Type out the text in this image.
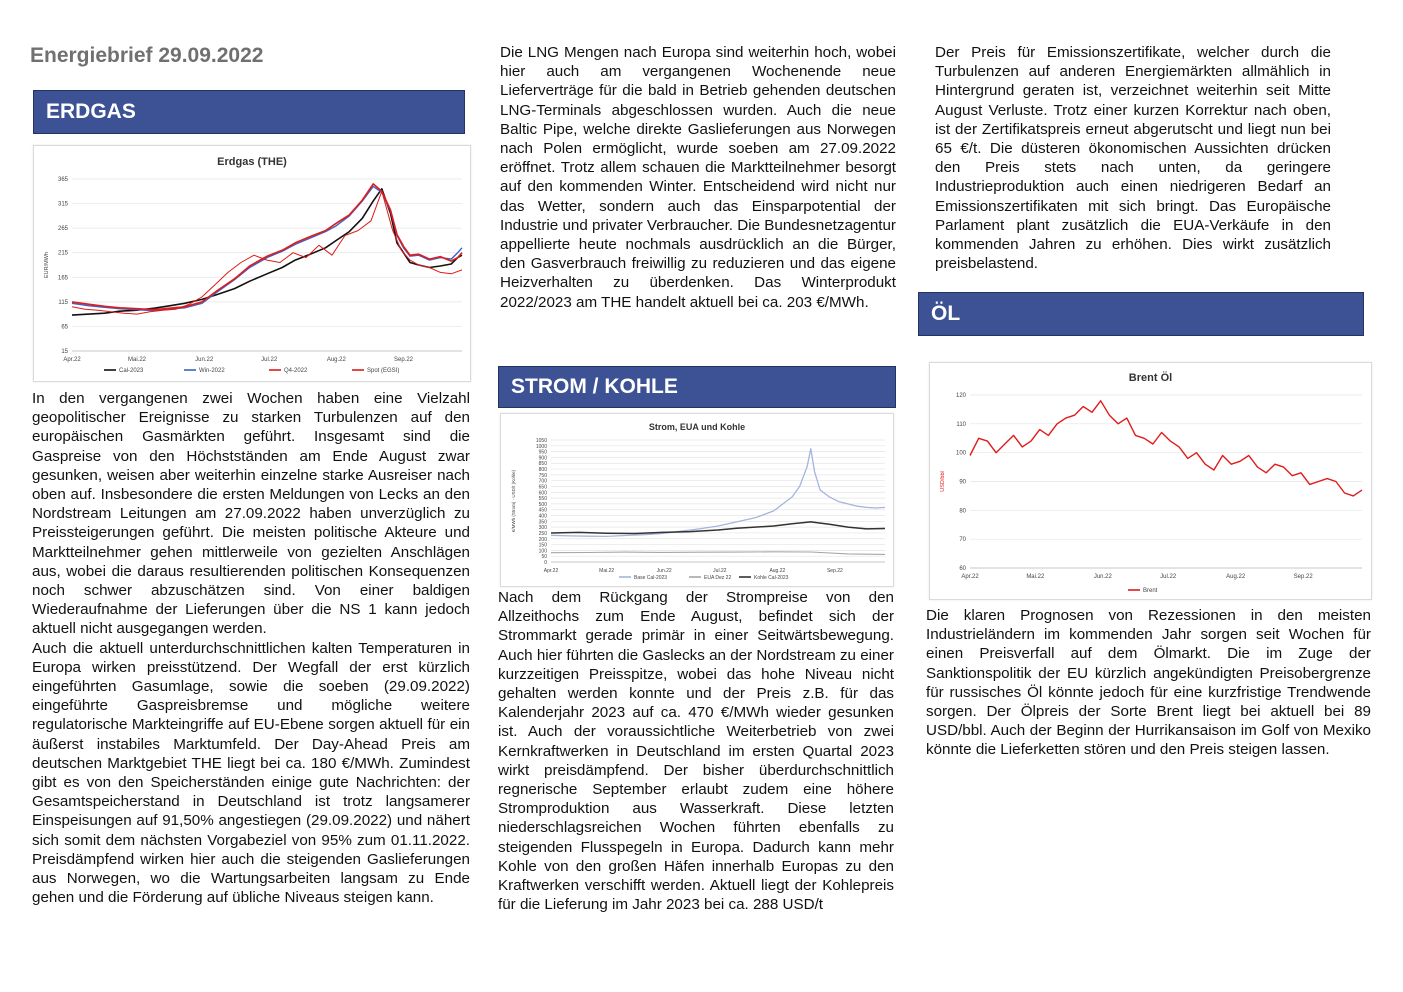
Energiebrief 29.09.2022
ERDGAS
Erdgas (THE)
15
65
115
165
215
265
315
365
Apr.22	Mai.22	Jun.22	Jul.22	Aug.22	Sep.22
EUR/MWh
Cal-2023	Win-2022	Q4-2022	Spot (EGSI)

In den vergangenen zwei Wochen haben eine Vielzahl geopolitischer Ereignisse zu starken Turbulenzen auf den europäischen Gasmärkten geführt. Insgesamt sind die Gaspreise von den Höchstständen am Ende August zwar gesunken, weisen aber weiterhin einzelne starke Ausreiser nach oben auf. Insbesondere die ersten Meldungen von Lecks an den Nordstream Leitungen am 27.09.2022 haben unverzüglich zu Preissteigerungen geführt. Die meisten politische Akteure und Marktteilnehmer gehen mittlerweile von gezielten Anschlägen aus, wobei die daraus resultierenden politischen Konsequenzen noch schwer abzuschätzen sind. Von einer baldigen Wiederaufnahme der Lieferungen über die NS 1 kann jedoch aktuell nicht ausgegangen werden.

Auch die aktuell unterdurchschnittlichen kalten Temperaturen in Europa wirken preisstützend. Der Wegfall der erst kürzlich eingeführten Gasumlage, sowie die soeben (29.09.2022) eingeführte Gaspreisbremse und mögliche weitere regulatorische Markteingriffe auf EU-Ebene sorgen aktuell für ein äußerst instabiles Marktumfeld. Der Day-Ahead Preis am deutschen Marktgebiet THE liegt bei ca. 180 €/MWh. Zumindest gibt es von den Speicherständen einige gute Nachrichten: der Gesamtspeicherstand in Deutschland ist trotz langsamerer Einspeisungen auf 91,50% angestiegen (29.09.2022) und nähert sich somit dem nächsten Vorgabeziel von 95% zum 01.11.2022. Preisdämpfend wirken hier auch die steigenden Gaslieferungen aus Norwegen, wo die Wartungsarbeiten langsam zu Ende gehen und die Förderung auf übliche Niveaus steigen kann.

Die LNG Mengen nach Europa sind weiterhin hoch, wobei hier auch am vergangenen Wochenende neue Lieferverträge für die bald in Betrieb gehenden deutschen LNG-Terminals abgeschlossen wurden. Auch die neue Baltic Pipe, welche direkte Gaslieferungen aus Norwegen nach Polen ermöglicht, wurde soeben am 27.09.2022 eröffnet. Trotz allem schauen die Marktteilnehmer besorgt auf den kommenden Winter. Entscheidend wird nicht nur das Wetter, sondern auch das Einsparpotential der Industrie und privater Verbraucher. Die Bundesnetzagentur appellierte heute nochmals ausdrücklich an die Bürger, den Gasverbrauch freiwillig zu reduzieren und das eigene Heizverhalten zu überdenken. Das Winterprodukt 2022/2023 am THE handelt aktuell bei ca. 203 €/MWh.

STROM / KOHLE
Strom, EUA und Kohle
0
50
100
150
200
250
300
350
400
450
500
550
600
650
700
750
800
850
900
950
1000
1050
Apr.22	Mai.22	Jun.22	Jul.22	Aug.22	Sep.22
€/MWh (Strom) · USD/t (Kohle)
Base Cal-2023	EUA Dez 22	Kohle Cal-2023

Nach dem Rückgang der Strompreise von den Allzeithochs zum Ende August, befindet sich der Strommarkt gerade primär in einer Seitwärtsbewegung. Auch hier führten die Gaslecks an der Nordstream zu einer kurzzeitigen Preisspitze, wobei das hohe Niveau nicht gehalten werden konnte und der Preis z.B. für das Kalenderjahr 2023 auf ca. 470 €/MWh wieder gesunken ist. Auch der voraussichtliche Weiterbetrieb von zwei Kernkraftwerken in Deutschland im ersten Quartal 2023 wirkt preisdämpfend. Der bisher überdurchschnittlich regnerische September erlaubt zudem eine höhere Stromproduktion aus Wasserkraft. Diese letzten niederschlagsreichen Wochen führten ebenfalls zu steigenden Flusspegeln in Europa. Dadurch kann mehr Kohle von den großen Häfen innerhalb Europas zu den Kraftwerken verschifft werden. Aktuell liegt der Kohlepreis für die Lieferung im Jahr 2023 bei ca. 288 USD/t

Der Preis für Emissionszertifikate, welcher durch die Turbulenzen auf anderen Energiemärkten allmählich in Hintergrund geraten ist, verzeichnet weiterhin seit Mitte August Verluste. Trotz einer kurzen Korrektur nach oben, ist der Zertifikatspreis erneut abgerutscht und liegt nun bei 65 €/t. Die düsteren ökonomischen Aussichten drücken den Preis stets nach unten, da geringere Industrieproduktion auch einen niedrigeren Bedarf an Emissionszertifikaten mit sich bringt. Das Europäische Parlament plant zusätzlich die EUA-Verkäufe in den kommenden Jahren zu erhöhen. Dies wirkt zusätzlich preisbelastend.

ÖL
Brent Öl
60
70
80
90
100
110
120
Apr.22	Mai.22	Jun.22	Jul.22	Aug.22	Sep.22
USD/bbl
Brent

Die klaren Prognosen von Rezessionen in den meisten Industrieländern im kommenden Jahr sorgen seit Wochen für einen Preisverfall auf dem Ölmarkt. Die im Zuge der Sanktionspolitik der EU kürzlich angekündigten Preisobergrenze für russisches Öl könnte jedoch für eine kurzfristige Trendwende sorgen. Der Ölpreis der Sorte Brent liegt bei aktuell bei 89 USD/bbl. Auch der Beginn der Hurrikansaison im Golf von Mexiko könnte die Lieferketten stören und den Preis steigen lassen.
